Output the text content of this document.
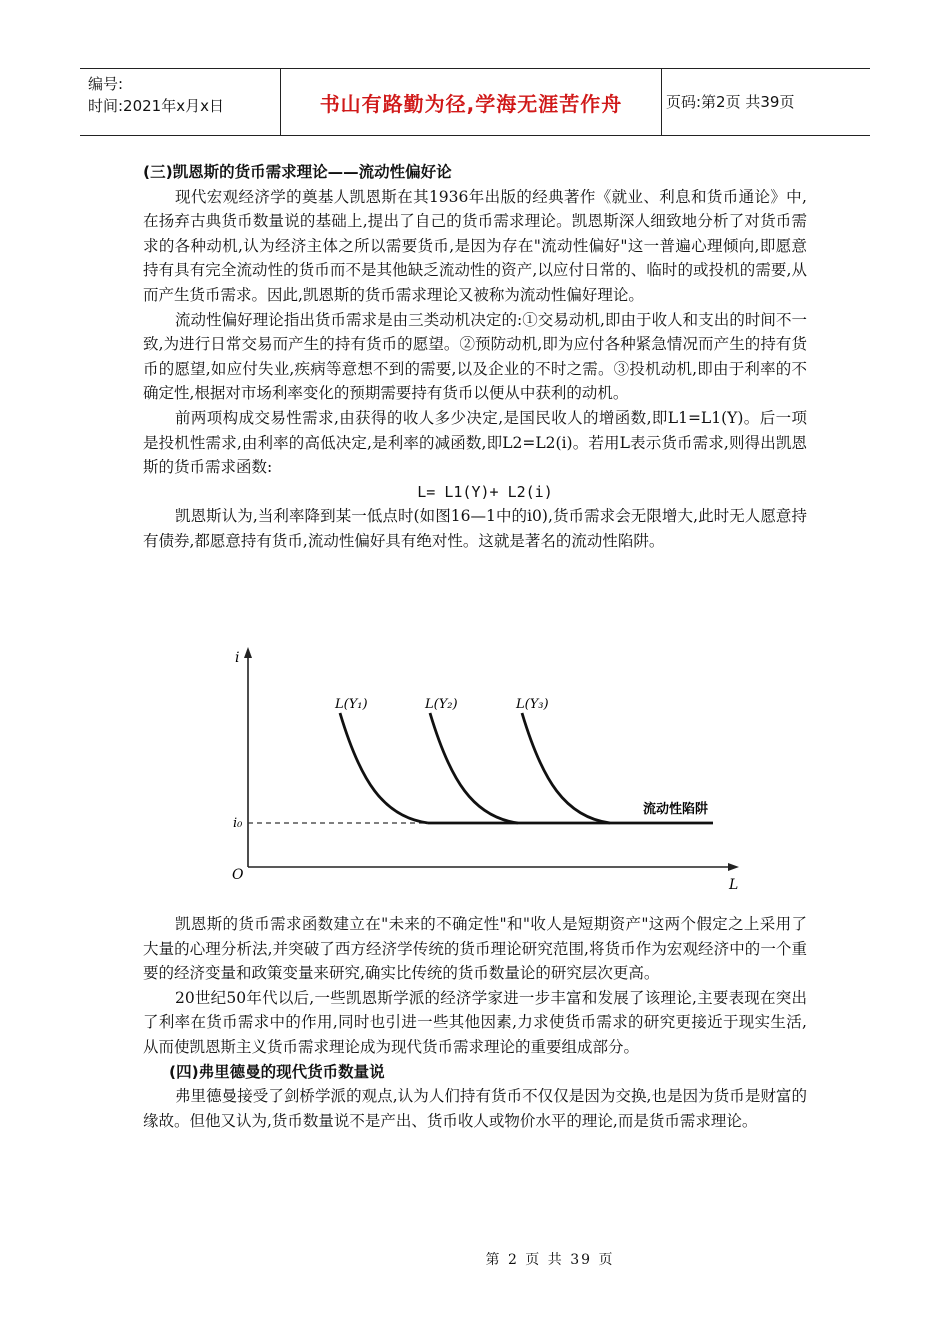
编号:
时间:2021年x月x日	书山有路勤为径,学海无涯苦作舟	页码:第2页 共39页

(三)凯恩斯的货币需求理论——流动性偏好论

现代宏观经济学的奠基人凯恩斯在其1936年出版的经典著作《就业、利息和货币通论》中,在扬弃古典货币数量说的基础上,提出了自己的货币需求理论。凯恩斯深人细致地分析了对货币需求的各种动机,认为经济主体之所以需要货币,是因为存在"流动性偏好"这一普遍心理倾向,即愿意持有具有完全流动性的货币而不是其他缺乏流动性的资产,以应付日常的、临时的或投机的需要,从而产生货币需求。因此,凯恩斯的货币需求理论又被称为流动性偏好理论。

流动性偏好理论指出货币需求是由三类动机决定的:①交易动机,即由于收人和支出的时间不一致,为进行日常交易而产生的持有货币的愿望。②预防动机,即为应付各种紧急情况而产生的持有货币的愿望,如应付失业,疾病等意想不到的需要,以及企业的不时之需。③投机动机,即由于利率的不确定性,根据对市场利率变化的预期需要持有货币以便从中获利的动机。

前两项构成交易性需求,由获得的收人多少决定,是国民收人的增函数,即L1=L1(Y)。后一项是投机性需求,由利率的高低决定,是利率的减函数,即L2=L2(i)。若用L表示货币需求,则得出凯恩斯的货币需求函数:

L= L1(Y)+ L2(i)

凯恩斯认为,当利率降到某一低点时(如图16—1中的i0),货币需求会无限增大,此时无人愿意持有债券,都愿意持有货币,流动性偏好具有绝对性。这就是著名的流动性陷阱。

i
L
O
i₀
L(Y₁)	L(Y₂)	L(Y₃)
流动性陷阱

凯恩斯的货币需求函数建立在"未来的不确定性"和"收人是短期资产"这两个假定之上采用了大量的心理分析法,并突破了西方经济学传统的货币理论研究范围,将货币作为宏观经济中的一个重要的经济变量和政策变量来研究,确实比传统的货币数量论的研究层次更高。

20世纪50年代以后,一些凯恩斯学派的经济学家进一步丰富和发展了该理论,主要表现在突出了利率在货币需求中的作用,同时也引进一些其他因素,力求使货币需求的研究更接近于现实生活,从而使凯恩斯主义货币需求理论成为现代货币需求理论的重要组成部分。

(四)弗里德曼的现代货币数量说

弗里德曼接受了剑桥学派的观点,认为人们持有货币不仅仅是因为交换,也是因为货币是财富的缘故。但他又认为,货币数量说不是产出、货币收人或物价水平的理论,而是货币需求理论。

第 2 页 共 39 页
